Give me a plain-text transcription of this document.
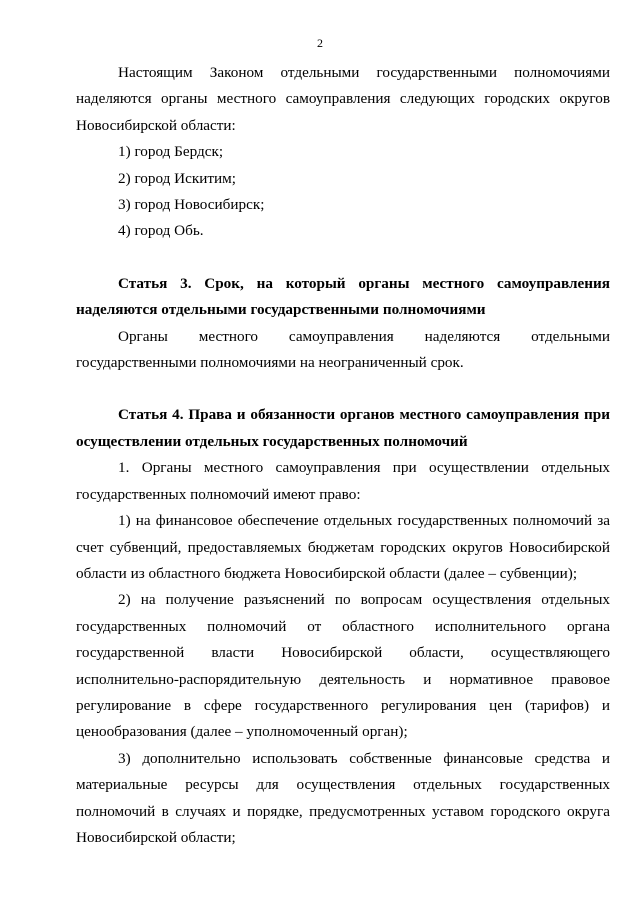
2

Настоящим Законом отдельными государственными полномочиями наделяются органы местного самоуправления следующих городских округов Новосибирской области:

1) город Бердск;

2) город Искитим;

3) город Новосибирск;

4) город Обь.

Статья 3. Срок, на который органы местного самоуправления наделяются отдельными государственными полномочиями

Органы местного самоуправления наделяются отдельными государственными полномочиями на неограниченный срок.

Статья 4. Права и обязанности органов местного самоуправления при осуществлении отдельных государственных полномочий

1. Органы местного самоуправления при осуществлении отдельных государственных полномочий имеют право:

1) на финансовое обеспечение отдельных государственных полномочий за счет субвенций, предоставляемых бюджетам городских округов Новосибирской области из областного бюджета Новосибирской области (далее – субвенции);

2) на получение разъяснений по вопросам осуществления отдельных государственных полномочий от областного исполнительного органа государственной власти Новосибирской области, осуществляющего исполнительно-распорядительную деятельность и нормативное правовое регулирование в сфере государственного регулирования цен (тарифов) и ценообразования (далее – уполномоченный орган);

3) дополнительно использовать собственные финансовые средства и материальные ресурсы для осуществления отдельных государственных полномочий в случаях и порядке, предусмотренных уставом городского округа Новосибирской области;
